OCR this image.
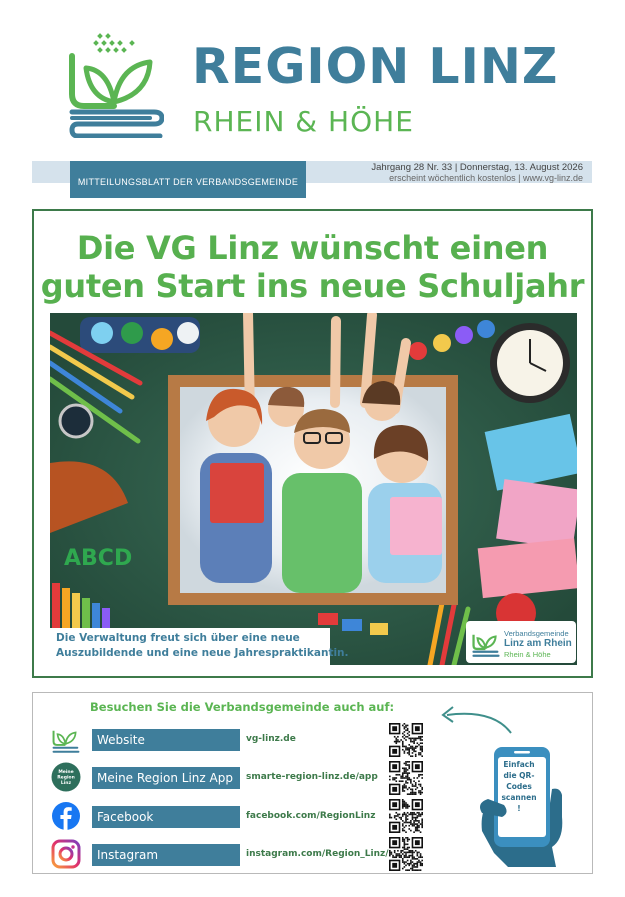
REGION LINZ
RHEIN & HÖHE
MITTEILUNGSBLATT DER VERBANDSGEMEINDE
Jahrgang 28 Nr. 33 | Donnerstag, 13. August 2026
erscheint wöchentlich kostenlos | www.vg-linz.de
Die VG Linz wünscht einen
guten Start ins neue Schuljahr
ABCD
Die Verwaltung freut sich über eine neue
Auszubildende und eine neue Jahrespraktikantin.
Verbandsgemeinde
Linz am Rhein
Rhein & Höhe
Besuchen Sie die Verbandsgemeinde auch auf:
Website	vg-linz.de
Meine
Region
Linz	Meine Region Linz App	smarte-region-linz.de/app
Facebook	facebook.com/RegionLinz
Instagram	instagram.com/Region_Linz/
Einfach
die QR-
Codes
scannen
!
